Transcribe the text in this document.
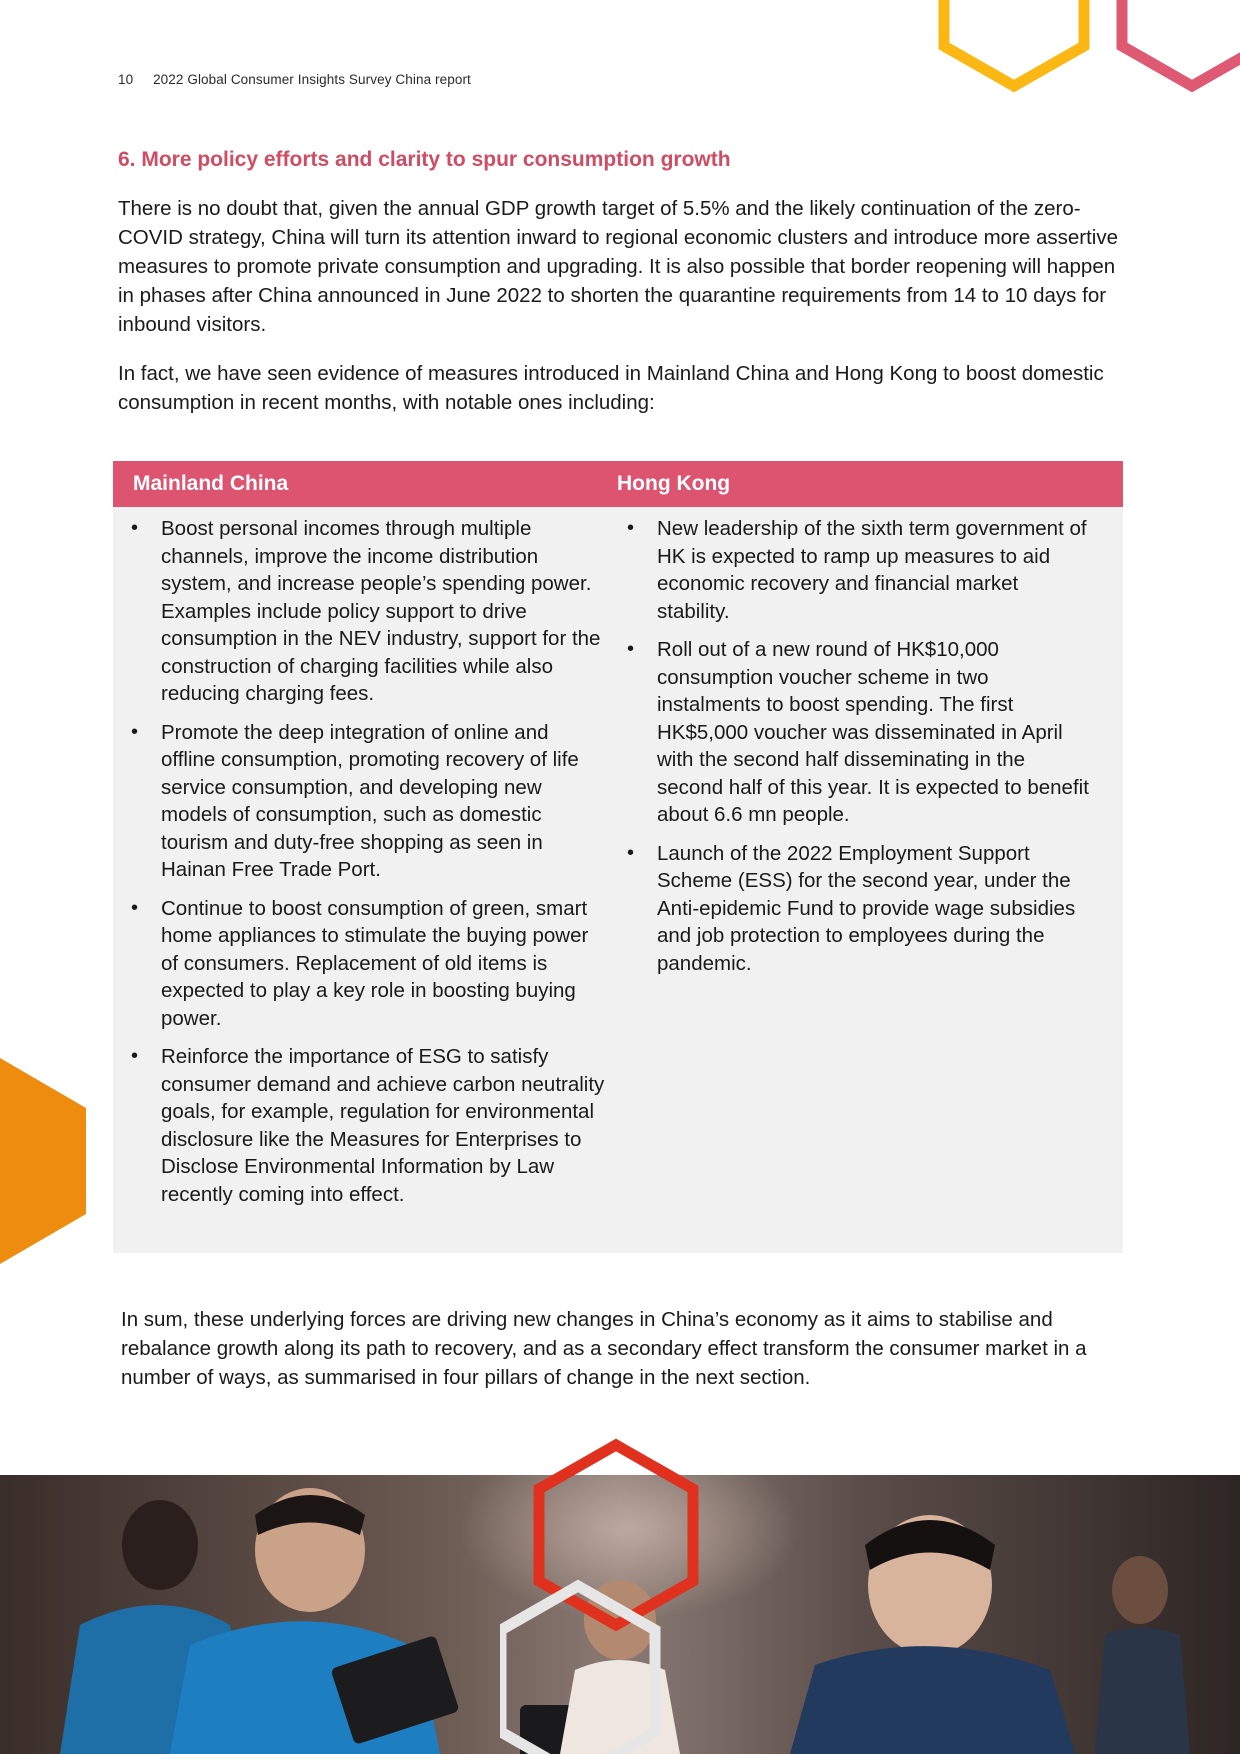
10 2022 Global Consumer Insights Survey China report
6. More policy efforts and clarity to spur consumption growth

There is no doubt that, given the annual GDP growth target of 5.5% and the likely continuation of the zero-COVID strategy, China will turn its attention inward to regional economic clusters and introduce more assertive measures to promote private consumption and upgrading. It is also possible that border reopening will happen in phases after China announced in June 2022 to shorten the quarantine requirements from 14 to 10 days for inbound visitors.

In fact, we have seen evidence of measures introduced in Mainland China and Hong Kong to boost domestic consumption in recent months, with notable ones including:

Mainland China	Hong Kong
• Boost personal incomes through multiple channels, improve the income distribution system, and increase people’s spending power. Examples include policy support to drive consumption in the NEV industry, support for the construction of charging facilities while also reducing charging fees.
• Promote the deep integration of online and offline consumption, promoting recovery of life service consumption, and developing new models of consumption, such as domestic tourism and duty-free shopping as seen in Hainan Free Trade Port.
• Continue to boost consumption of green, smart home appliances to stimulate the buying power of consumers. Replacement of old items is expected to play a key role in boosting buying power.
• Reinforce the importance of ESG to satisfy consumer demand and achieve carbon neutrality goals, for example, regulation for environmental disclosure like the Measures for Enterprises to Disclose Environmental Information by Law recently coming into effect.
• New leadership of the sixth term government of HK is expected to ramp up measures to aid economic recovery and financial market stability.
• Roll out of a new round of HK$10,000 consumption voucher scheme in two instalments to boost spending. The first HK$5,000 voucher was disseminated in April with the second half disseminating in the second half of this year. It is expected to benefit about 6.6 mn people.
• Launch of the 2022 Employment Support Scheme (ESS) for the second year, under the Anti-epidemic Fund to provide wage subsidies and job protection to employees during the pandemic.

In sum, these underlying forces are driving new changes in China’s economy as it aims to stabilise and rebalance growth along its path to recovery, and as a secondary effect transform the consumer market in a number of ways, as summarised in four pillars of change in the next section.
